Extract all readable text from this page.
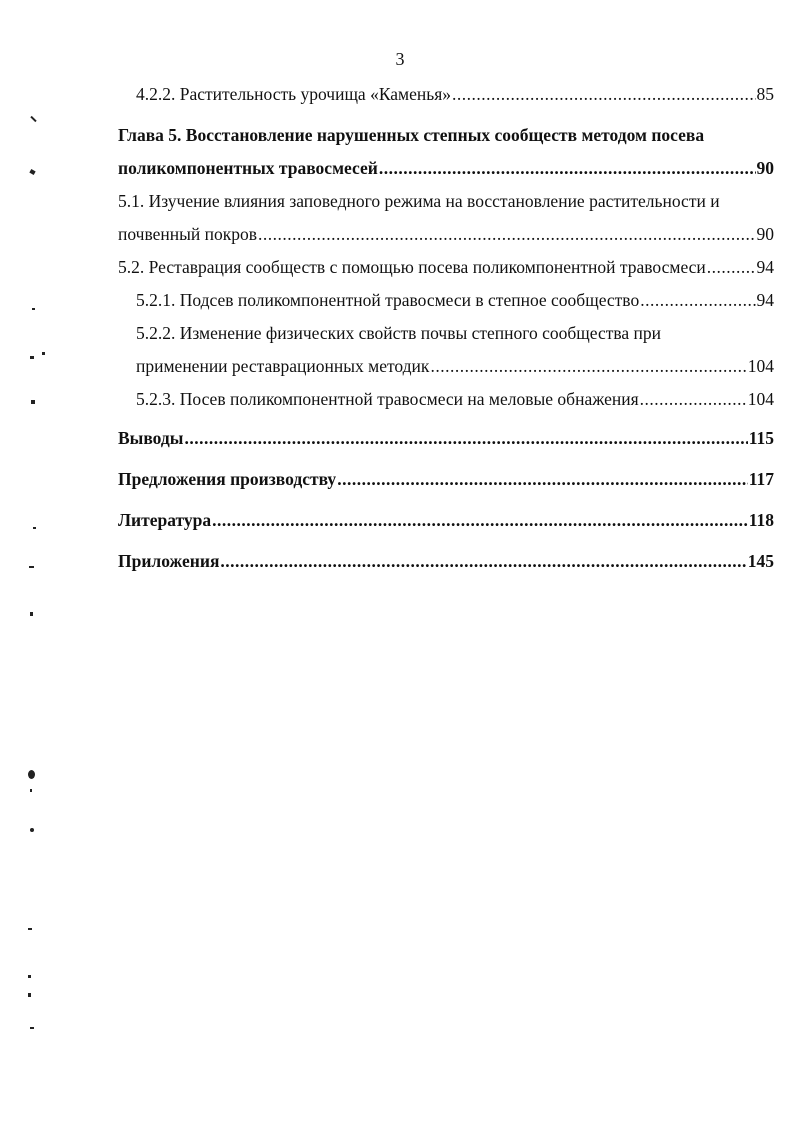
3
4.2.2. Растительность урочища «Каменья» .....	85
Глава 5. Восстановление нарушенных степных сообществ методом посева
поликомпонентных травосмесей .....	90
5.1. Изучение влияния заповедного режима на восстановление растительности и
почвенный покров .....	90
5.2. Реставрация сообществ с помощью посева поликомпонентной травосмеси .....	94
5.2.1. Подсев поликомпонентной травосмеси в степное сообщество .....	94
5.2.2. Изменение физических свойств почвы степного сообщества при
применении реставрационных методик .....	104
5.2.3. Посев поликомпонентной травосмеси на меловые обнажения .....	104
Выводы .....	115
Предложения производству .....	117
Литература .....	118
Приложения .....	145
